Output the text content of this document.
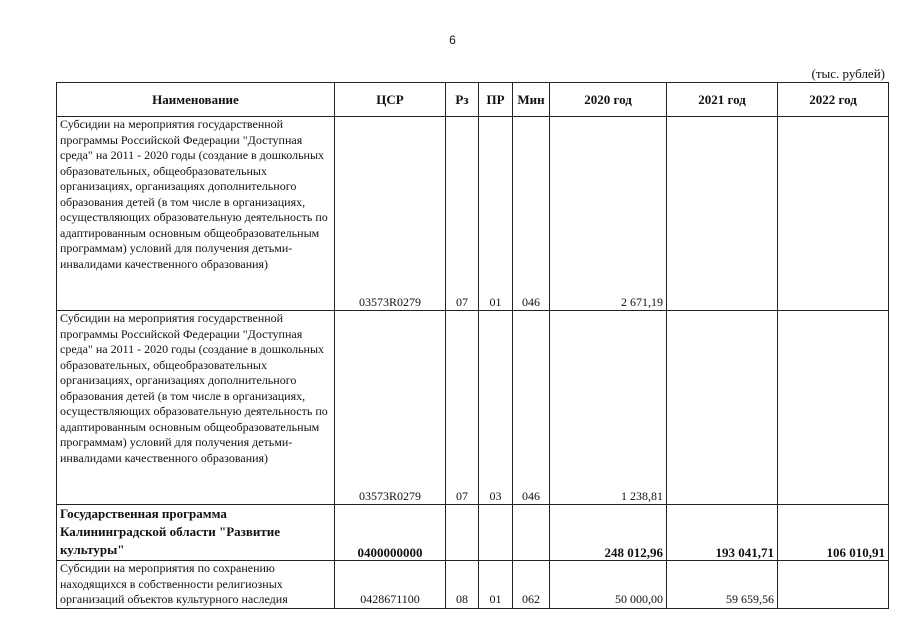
6
(тыс. рублей)
Наименование	ЦСР	Рз	ПР	Мин	2020 год	2021 год	2022 год
Субсидии на мероприятия государственной программы Российской Федерации "Доступная среда" на 2011 - 2020 годы (создание в дошкольных образовательных, общеобразовательных организациях, организациях дополнительного образования детей (в том числе в организациях, осуществляющих образовательную деятельность по адаптированным основным общеобразовательным программам) условий для получения детьми-инвалидами качественного образования)	03573R0279	07	01	046	2 671,19		
Субсидии на мероприятия государственной программы Российской Федерации "Доступная среда" на 2011 - 2020 годы (создание в дошкольных образовательных, общеобразовательных организациях, организациях дополнительного образования детей (в том числе в организациях, осуществляющих образовательную деятельность по адаптированным основным общеобразовательным программам) условий для получения детьми-инвалидами качественного образования)	03573R0279	07	03	046	1 238,81		
Государственная программа Калининградской области "Развитие культуры"	0400000000				248 012,96	193 041,71	106 010,91
Субсидии на мероприятия по сохранению находящихся в собственности религиозных организаций объектов культурного наследия	0428671100	08	01	062	50 000,00	59 659,56	
